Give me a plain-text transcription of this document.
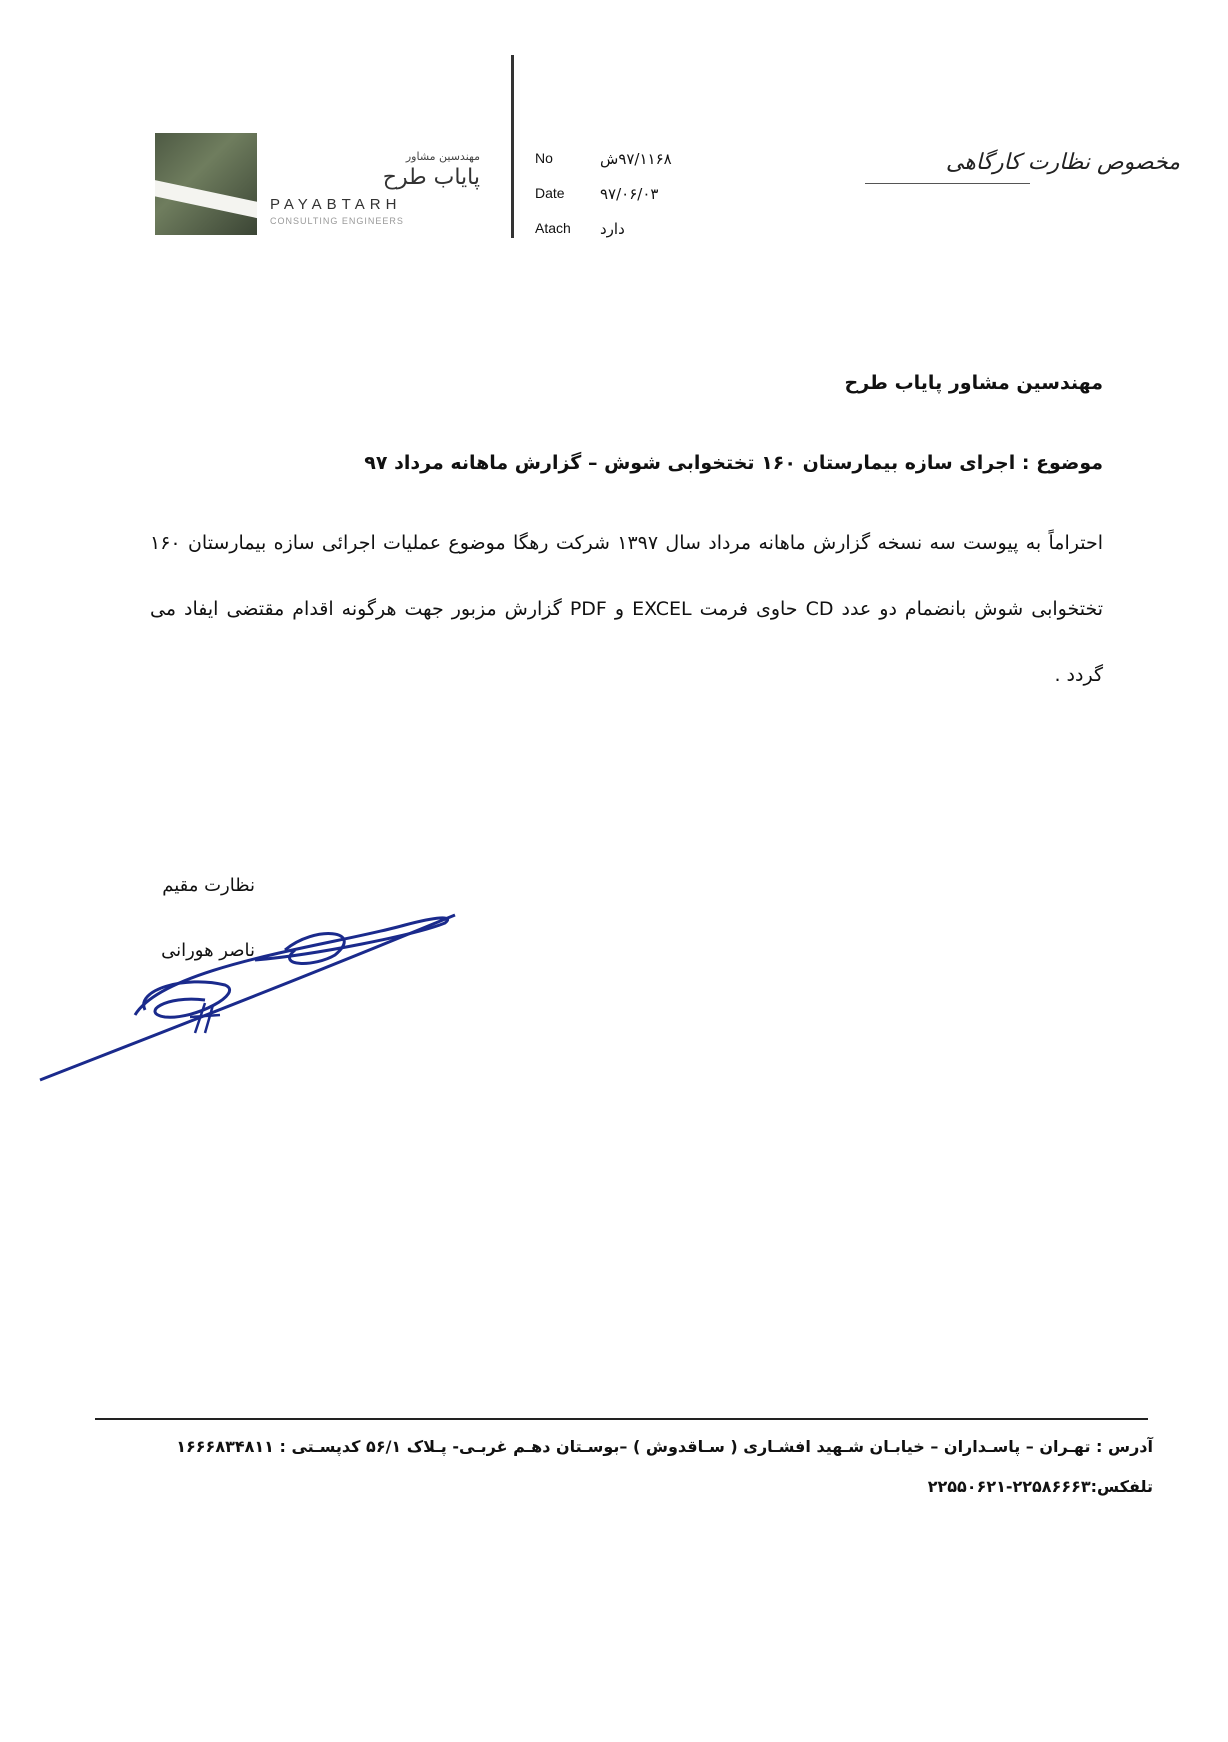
مهندسین مشاور
پایاب طرح
PAYABTARH
CONSULTING ENGINEERS
No	۹۷/۱۱۶۸ش
Date ۹۷/۰۶/۰۳
Atach دارد
مخصوص نظارت کارگاهی
مهندسین مشاور پایاب طرح
موضوع : اجرای سازه بیمارستان ۱۶۰ تختخوابی شوش – گزارش ماهانه مرداد ۹۷
احتراماً به پیوست سه نسخه گزارش ماهانه مرداد سال ۱۳۹۷ شرکت رهگا موضوع عملیات اجرائی سازه بیمارستان ۱۶۰ تختخوابی شوش بانضمام دو عدد CD حاوی فرمت EXCEL و PDF گزارش مزبور جهت هرگونه اقدام مقتضی ایفاد می گردد .
نظارت مقیم
ناصر هورانی
آدرس : تهـران – پاسـداران – خیابـان شـهید افشـاری ( سـاقدوش ) –بوسـتان دهـم غربـی- پـلاک ۵۶/۱ کدپسـتی : ۱۶۶۶۸۳۴۸۱۱
تلفکس:۲۲۵۸۶۶۶۳-۲۲۵۵۰۶۲۱
